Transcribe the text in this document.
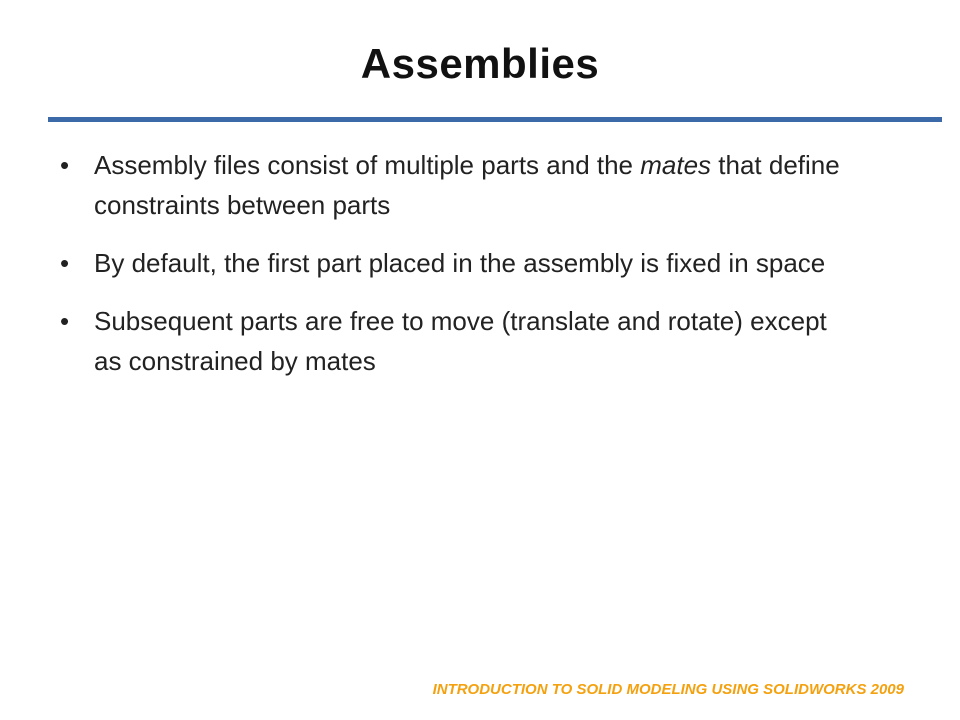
Assemblies
• Assembly files consist of multiple parts and the mates that define constraints between parts
• By default, the first part placed in the assembly is fixed in space
• Subsequent parts are free to move (translate and rotate) except as constrained by mates
INTRODUCTION TO SOLID MODELING USING SOLIDWORKS 2009
